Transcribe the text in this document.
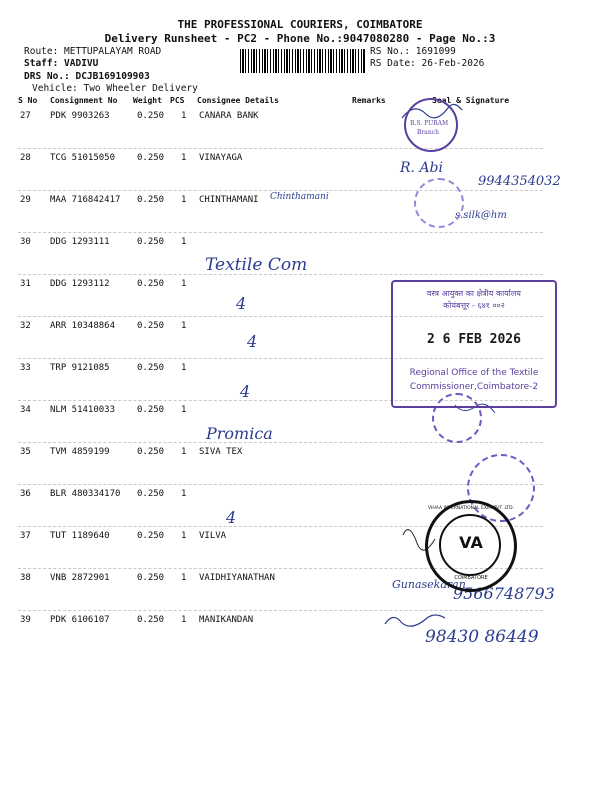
THE PROFESSIONAL COURIERS, COIMBATORE
Delivery Runsheet - PC2 - Phone No.:9047080280 - Page No.:3
Route: METTUPALAYAM ROAD
Staff: VADIVU
DRS No.: DCJB169109903
Vehicle: Two Wheeler Delivery
RS No.: 1691099
RS Date: 26-Feb-2026
S No Consignment No Weight PCS Consignee Details	Remarks	Seal & Signature
27 PDK 9903263	0.250 1 CANARA BANK
28 TCG 51015050 0.250 1 VINAYAGA
29 MAA 716842417 0.250 1 CHINTHAMANI
30 DDG 1293111	0.250 1
31 DDG 1293112	0.250 1
32 ARR 10348864 0.250 1
33 TRP 9121085	0.250 1
34 NLM 51410033 0.250 1
35 TVM 4859199	0.250 1 SIVA TEX
36 BLR 480334170 0.250 1
37 TUT 1189640	0.250 1 VILVA
38 VNB 2872901	0.250 1 VAIDHIYANATHAN
39 PDK 6106107	0.250 1 MANIKANDAN
Chinthamani
R. Abi
9944354032
s.silk@hm
Textile Com
4
4
4
Promica
4
Gunasekaran
9566748793
98430 86449
R.S. PURAM
Branch
वस्त्र आयुक्त का क्षेत्रीय कार्यालय
कोयंबत्तूर - ६४१ ००२
2 6 FEB 2026
Regional Office of the Textile
Commissioner,Coimbatore-2
VA
VIHAA INTERNATIONAL EXIM PVT. LTD.
COIMBATORE
